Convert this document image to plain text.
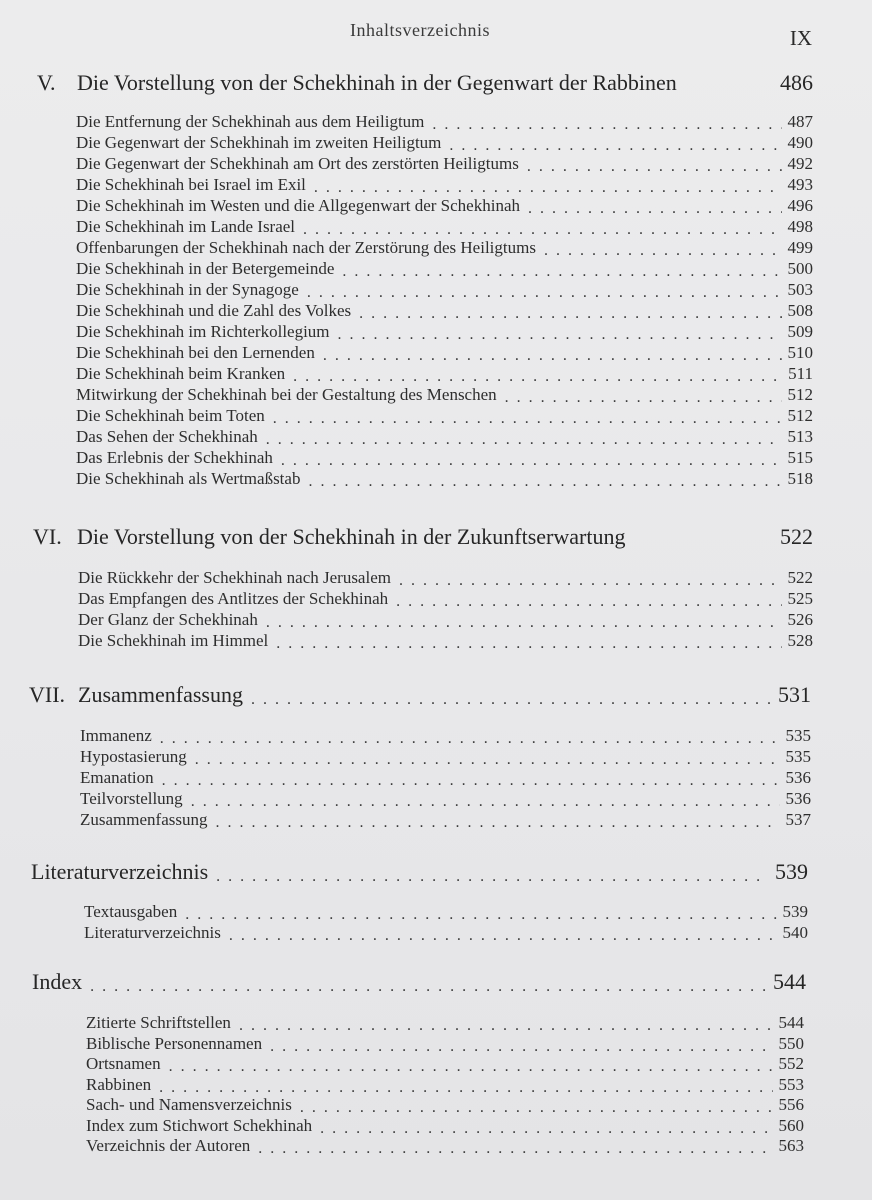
Inhaltsverzeichnis	IX
V. Die Vorstellung von der Schekhinah in der Gegenwart der Rabbinen	486
Die Entfernung der Schekhinah aus dem Heiligtum . . .	487
Die Gegenwart der Schekhinah im zweiten Heiligtum . . .	490
Die Gegenwart der Schekhinah am Ort des zerstörten Heiligtums . . .	492
Die Schekhinah bei Israel im Exil . . .	493
Die Schekhinah im Westen und die Allgegenwart der Schekhinah . . .	496
Die Schekhinah im Lande Israel . . .	498
Offenbarungen der Schekhinah nach der Zerstörung des Heiligtums . . .	499
Die Schekhinah in der Betergemeinde . . .	500
Die Schekhinah in der Synagoge . . .	503
Die Schekhinah und die Zahl des Volkes . . .	508
Die Schekhinah im Richterkollegium . . .	509
Die Schekhinah bei den Lernenden . . .	510
Die Schekhinah beim Kranken . . .	511
Mitwirkung der Schekhinah bei der Gestaltung des Menschen . . .	512
Die Schekhinah beim Toten . . .	512
Das Sehen der Schekhinah . . .	513
Das Erlebnis der Schekhinah . . .	515
Die Schekhinah als Wertmaßstab . . .	518
VI. Die Vorstellung von der Schekhinah in der Zukunftserwartung	522
Die Rückkehr der Schekhinah nach Jerusalem . . .	522
Das Empfangen des Antlitzes der Schekhinah . . .	525
Der Glanz der Schekhinah . . .	526
Die Schekhinah im Himmel . . .	528
VII. Zusammenfassung . . .	531
Immanenz . . .	535
Hypostasierung . . .	535
Emanation . . .	536
Teilvorstellung . . .	536
Zusammenfassung . . .	537
Literaturverzeichnis . . .	539
Textausgaben . . .	539
Literaturverzeichnis . . .	540
Index . . .	544
Zitierte Schriftstellen . . .	544
Biblische Personennamen . . .	550
Ortsnamen . . .	552
Rabbinen . . .	553
Sach- und Namensverzeichnis . . .	556
Index zum Stichwort Schekhinah . . .	560
Verzeichnis der Autoren . . .	563
